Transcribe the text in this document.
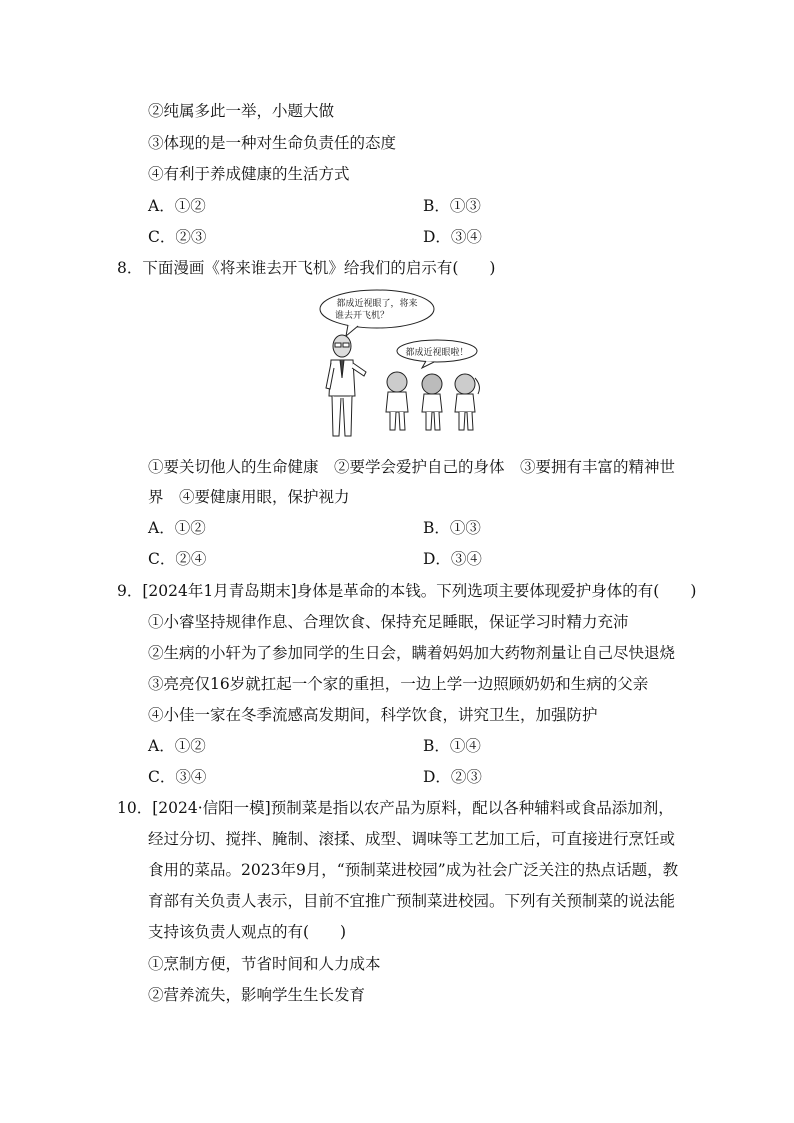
②纯属多此一举，小题大做
③体现的是一种对生命负责任的态度
④有利于养成健康的生活方式
A．①②	B．①③
C．②③	D．③④
8．下面漫画《将来谁去开飞机》给我们的启示有(　　)
都成近视眼了，将来
谁去开飞机？
都成近视眼啦！
①要关切他人的生命健康　②要学会爱护自己的身体　③要拥有丰富的精神世
界　④要健康用眼，保护视力
A．①②	B．①③
C．②④	D．③④
9．[2024年1月青岛期末]身体是革命的本钱。下列选项主要体现爱护身体的有(　　)
①小睿坚持规律作息、合理饮食、保持充足睡眠，保证学习时精力充沛
②生病的小轩为了参加同学的生日会，瞒着妈妈加大药物剂量让自己尽快退烧
③亮亮仅16岁就扛起一个家的重担，一边上学一边照顾奶奶和生病的父亲
④小佳一家在冬季流感高发期间，科学饮食，讲究卫生，加强防护
A．①②	B．①④
C．③④	D．②③
10．[2024·信阳一模]预制菜是指以农产品为原料，配以各种辅料或食品添加剂，
经过分切、搅拌、腌制、滚揉、成型、调味等工艺加工后，可直接进行烹饪或
食用的菜品。2023年9月，“预制菜进校园”成为社会广泛关注的热点话题，教
育部有关负责人表示，目前不宜推广预制菜进校园。下列有关预制菜的说法能
支持该负责人观点的有(　　)
①烹制方便，节省时间和人力成本
②营养流失，影响学生生长发育
